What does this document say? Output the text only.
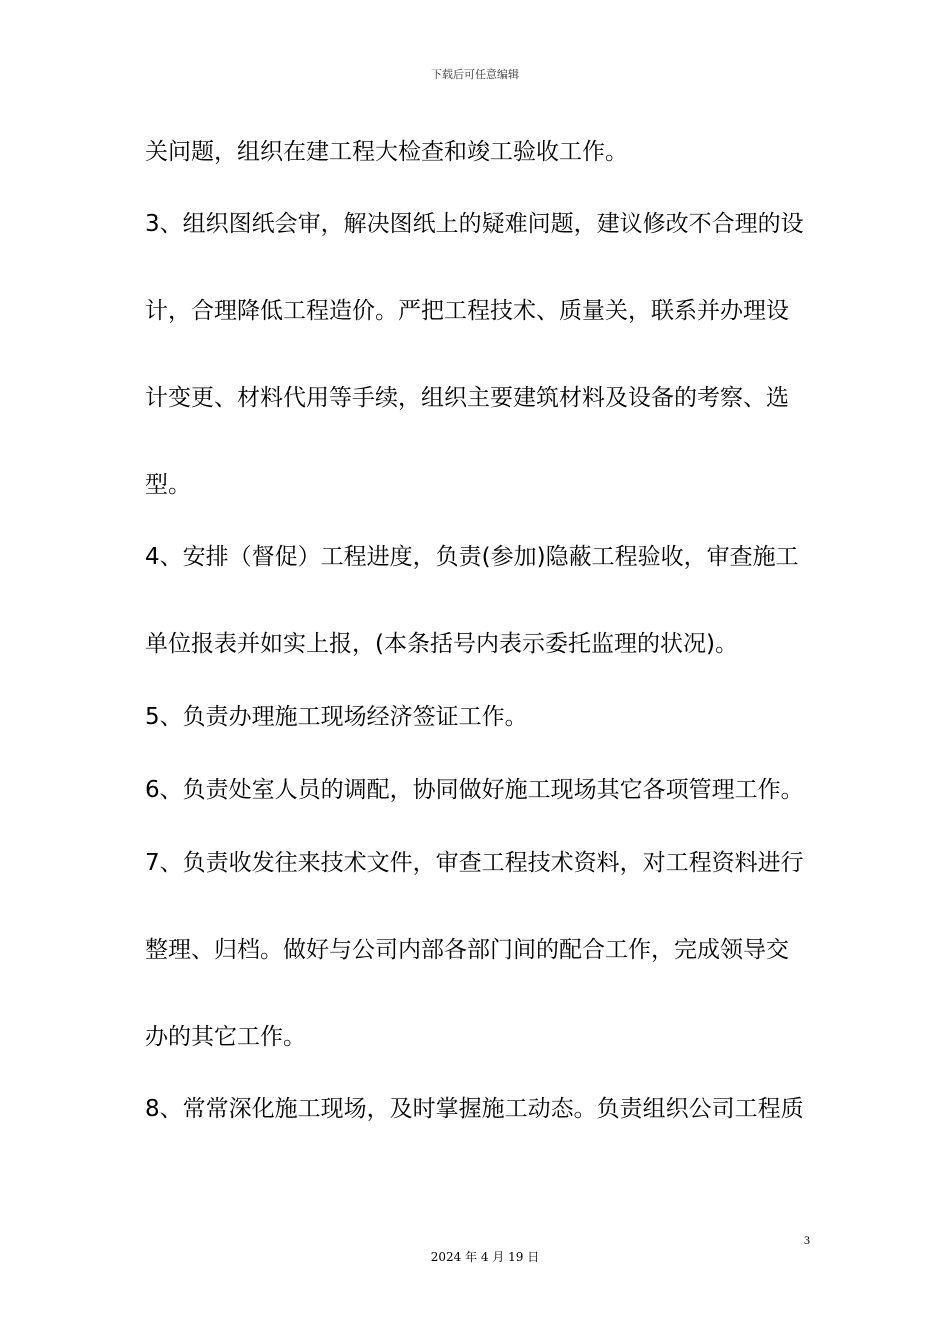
下载后可任意编辑
关问题，组织在建工程大检查和竣工验收工作。
3、组织图纸会审，解决图纸上的疑难问题，建议修改不合理的设
计，合理降低工程造价。严把工程技术、质量关，联系并办理设
计变更、材料代用等手续，组织主要建筑材料及设备的考察、选
型。
4、安排（督促）工程进度，负责(参加)隐蔽工程验收，审查施工
单位报表并如实上报，(本条括号内表示委托监理的状况)。
5、负责办理施工现场经济签证工作。
6、负责处室人员的调配，协同做好施工现场其它各项管理工作。
7、负责收发往来技术文件，审查工程技术资料，对工程资料进行
整理、归档。做好与公司内部各部门间的配合工作，完成领导交
办的其它工作。
8、常常深化施工现场，及时掌握施工动态。负责组织公司工程质
3
2024 年 4 月 19 日
